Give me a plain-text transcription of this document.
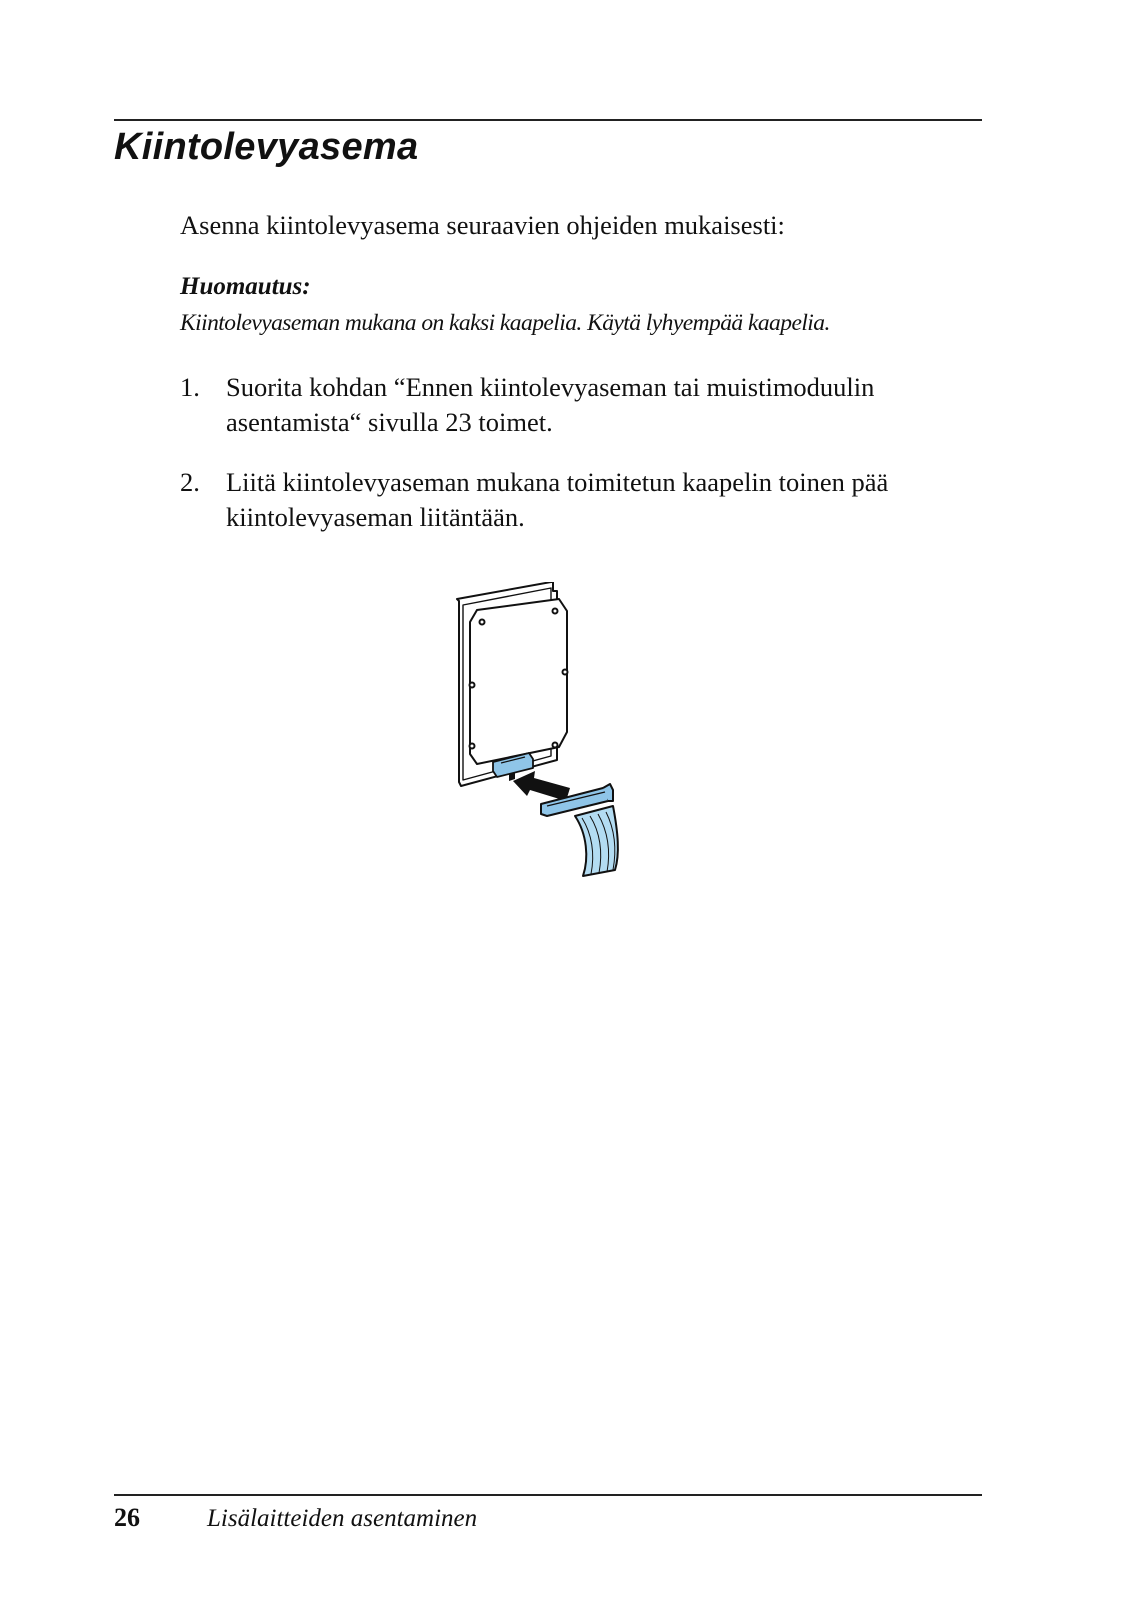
Kiintolevyasema

Asenna kiintolevyasema seuraavien ohjeiden mukaisesti:

Huomautus:

Kiintolevyaseman mukana on kaksi kaapelia. Käytä lyhyempää kaapelia.

1. Suorita kohdan “Ennen kiintolevyaseman tai muistimoduulin asentamista“ sivulla 23 toimet.

2. Liitä kiintolevyaseman mukana toimitetun kaapelin toinen pää kiintolevyaseman liitäntään.

26	Lisälaitteiden asentaminen
